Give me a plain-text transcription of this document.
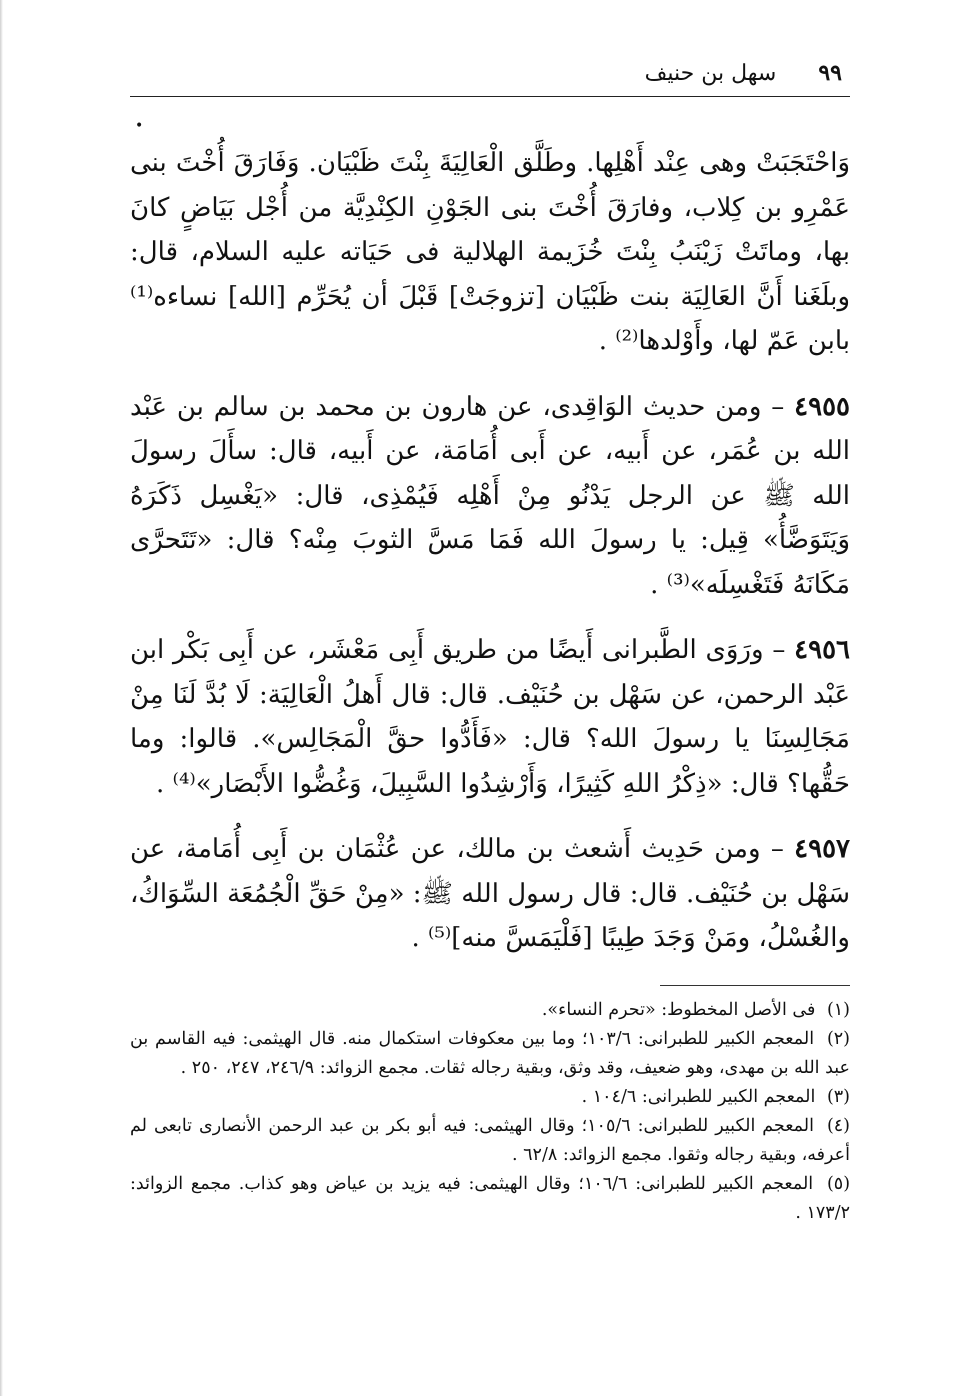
٩٩
سهل بن حنيف
•

وَاحْتَجَبَتْ وهى عِنْد أَهْلِها. وطَلَّق الْعَالِيَةَ بِنْتَ ظَبْيَان. وَفَارَقَ أُخْتَ بنى عَمْرِو بن كِلاب، وفارَقَ أُخْتَ بنى الجَوْنِ الكِنْدِيَّة من أُجْل بَيَاضٍ كانَ بها، وماتَتْ زَيْنَبُ بِنْتَ خُزَيمة الهلالية فى حَيَاته عليه السلام، قال: وبلَغَنا أَنَّ العَالِيَة بنت ظَبْيَان [تزوجَتْ] قَبْلَ أن يُحَرِّم [الله] نساءه⁽¹⁾ بابن عَمّ لها، وأَوْلدها⁽²⁾ .

٤٩٥٥ – ومن حديث الوَاقِدى، عن هارون بن محمد بن سالم بن عَبْد الله بن عُمَر، عن أَبيه، عن أَبى أُمَامَة، عن أَبيه، قال: سأَلَ رسولَ الله ﷺ عن الرجل يَدْنُو مِنْ أَهْلِه فَيُمْذِى، قال: «يَغْسِل ذَكَرَهُ وَيَتَوَضَّأُ» قِيل: يا رسولَ الله فَمَا مَسَّ الثوبَ مِنْه؟ قال: «تَتَحرَّى مَكَانَهُ فَتَغْسِلَه»⁽³⁾ .

٤٩٥٦ – ورَوَى الطَّبرانى أَيضًا من طريق أَبِى مَعْشَر، عن أَبِى بَكْر ابن عَبْد الرحمن، عن سَهْل بن حُنَيْف. قال: قال أَهلُ الْعَالِيَة: لَا بُدَّ لَنَا مِنْ مَجَالِسِنَا يا رسولَ الله؟ قال: «فَأَدُّوا حقَّ الْمَجَالِس». قالوا: وما حَقُّها؟ قال: «ذِكْرُ اللهِ كَثِيرًا، وَأَرْشِدُوا السَّبِيلَ، وَغُضُّوا الأَبْصَار»⁽⁴⁾ .

٤٩٥٧ – ومن حَدِيث أَشعث بن مالك، عن عُثْمَان بن أَبِى أُمَامة، عن سَهْل بن حُنَيْف. قال: قال رسول الله ﷺ: «مِنْ حَقِّ الْجُمُعَة السِّوَاكُ، والغُسْلُ، ومَنْ وَجَدَ طِيبًا [فَلْيَمَسَّ منه]⁽⁵⁾ .

(١) فى الأصل المخطوط: «تحرم النساء».

(٢) المعجم الكبير للطبرانى: ١٠٣/٦؛ وما بين معكوفات استكمال منه. قال الهيثمى: فيه القاسم بن عبد الله بن مهدى، وهو ضعيف، وقد وثق، وبقية رجاله ثقات. مجمع الزوائد: ٢٤٦/٩، ٢٤٧، ٢٥٠ .

(٣) المعجم الكبير للطبرانى: ١٠٤/٦ .

(٤) المعجم الكبير للطبرانى: ١٠٥/٦؛ وقال الهيثمى: فيه أبو بكر بن عبد الرحمن الأنصارى تابعى لم أعرفه، وبقية رجاله وثقوا. مجمع الزوائد: ٦٢/٨ .

(٥) المعجم الكبير للطبرانى: ١٠٦/٦؛ وقال الهيثمى: فيه يزيد بن عياض وهو كذاب. مجمع الزوائد: ١٧٣/٢ .
